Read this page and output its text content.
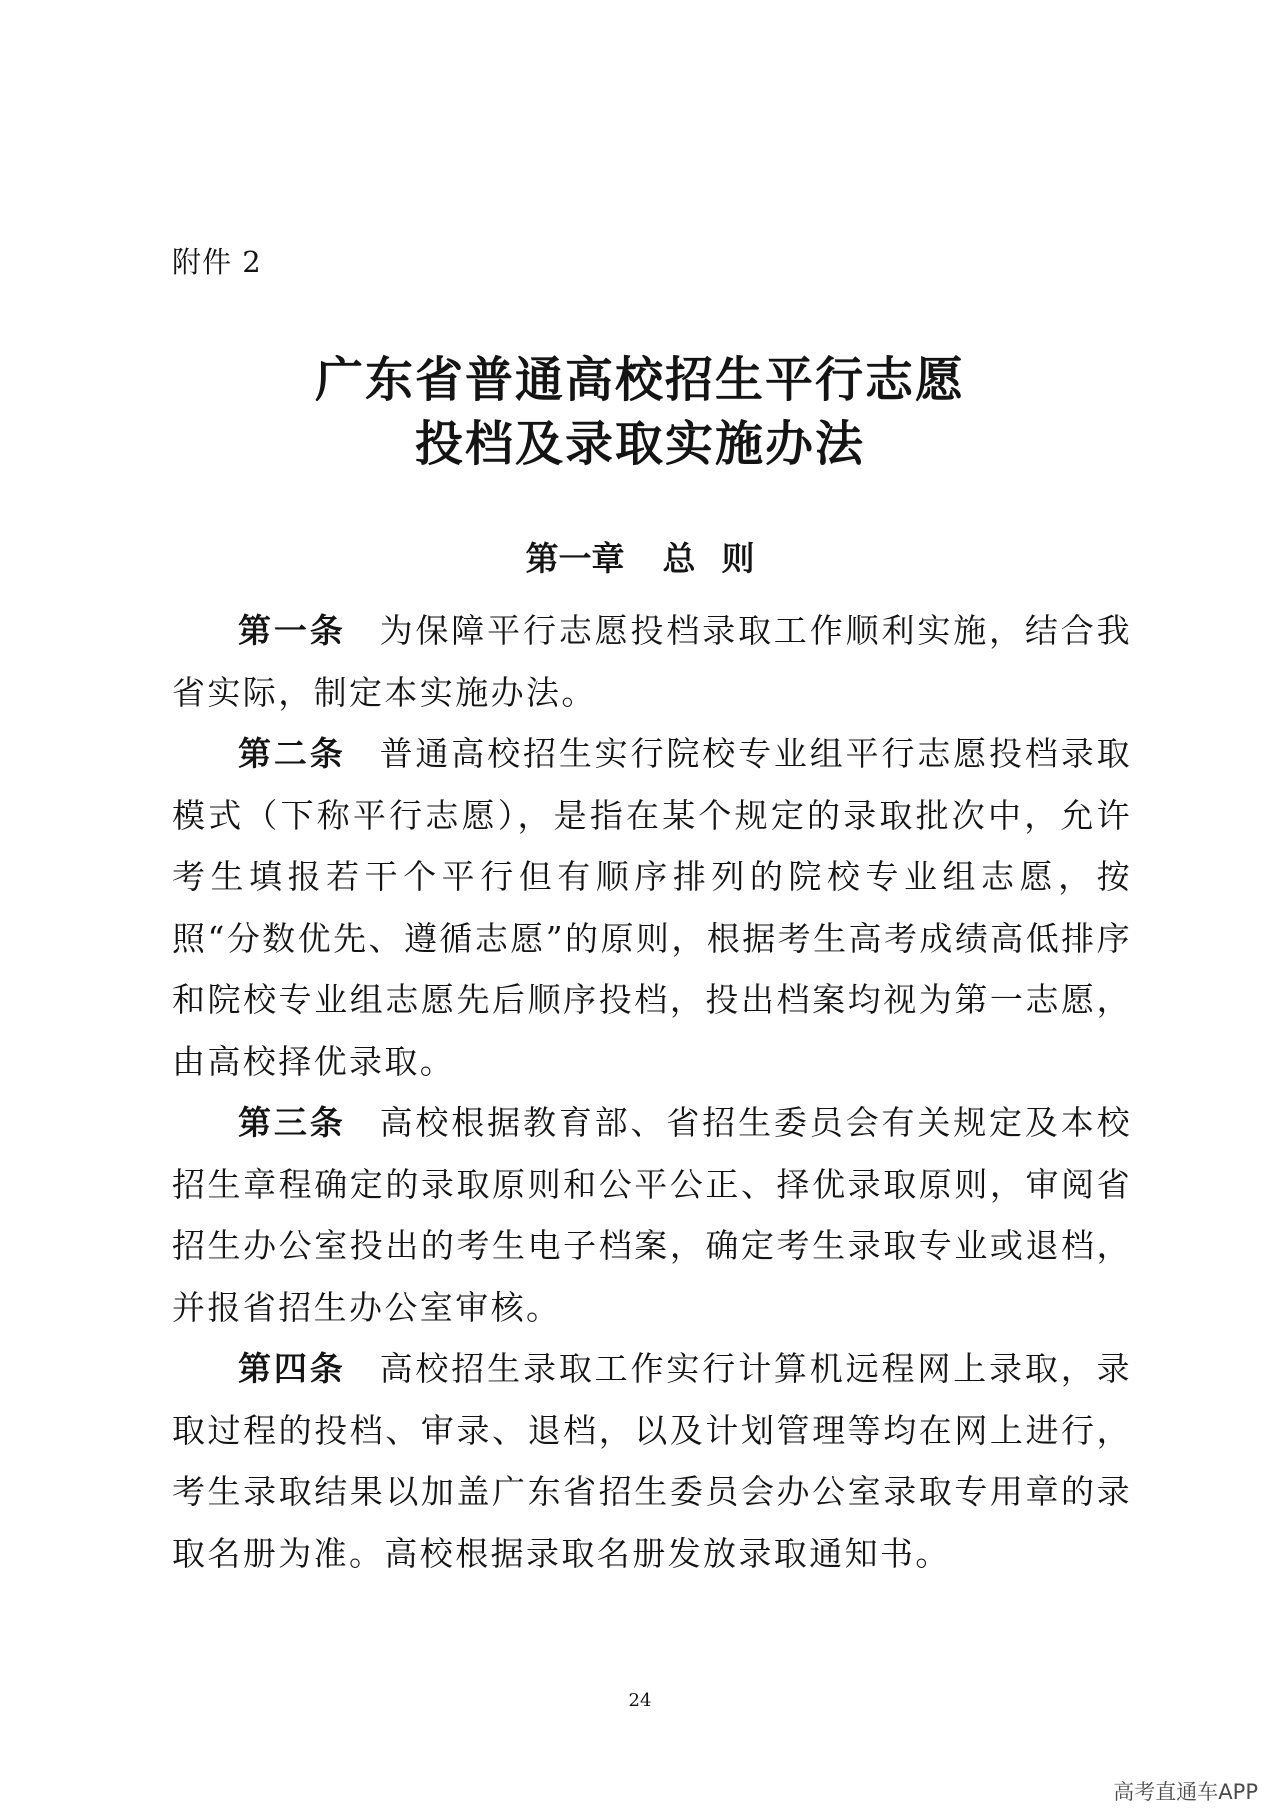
附件 2
广东省普通高校招生平行志愿
投档及录取实施办法
第一章 总 则

第一条 为保障平行志愿投档录取工作顺利实施，结合我省实际，制定本实施办法。

第二条 普通高校招生实行院校专业组平行志愿投档录取模式（下称平行志愿），是指在某个规定的录取批次中，允许考生填报若干个平行但有顺序排列的院校专业组志愿，按照“分数优先、遵循志愿”的原则，根据考生高考成绩高低排序和院校专业组志愿先后顺序投档，投出档案均视为第一志愿，由高校择优录取。

第三条 高校根据教育部、省招生委员会有关规定及本校招生章程确定的录取原则和公平公正、择优录取原则，审阅省招生办公室投出的考生电子档案，确定考生录取专业或退档，并报省招生办公室审核。

第四条 高校招生录取工作实行计算机远程网上录取，录取过程的投档、审录、退档，以及计划管理等均在网上进行，考生录取结果以加盖广东省招生委员会办公室录取专用章的录取名册为准。高校根据录取名册发放录取通知书。

24
高考直通车APP
